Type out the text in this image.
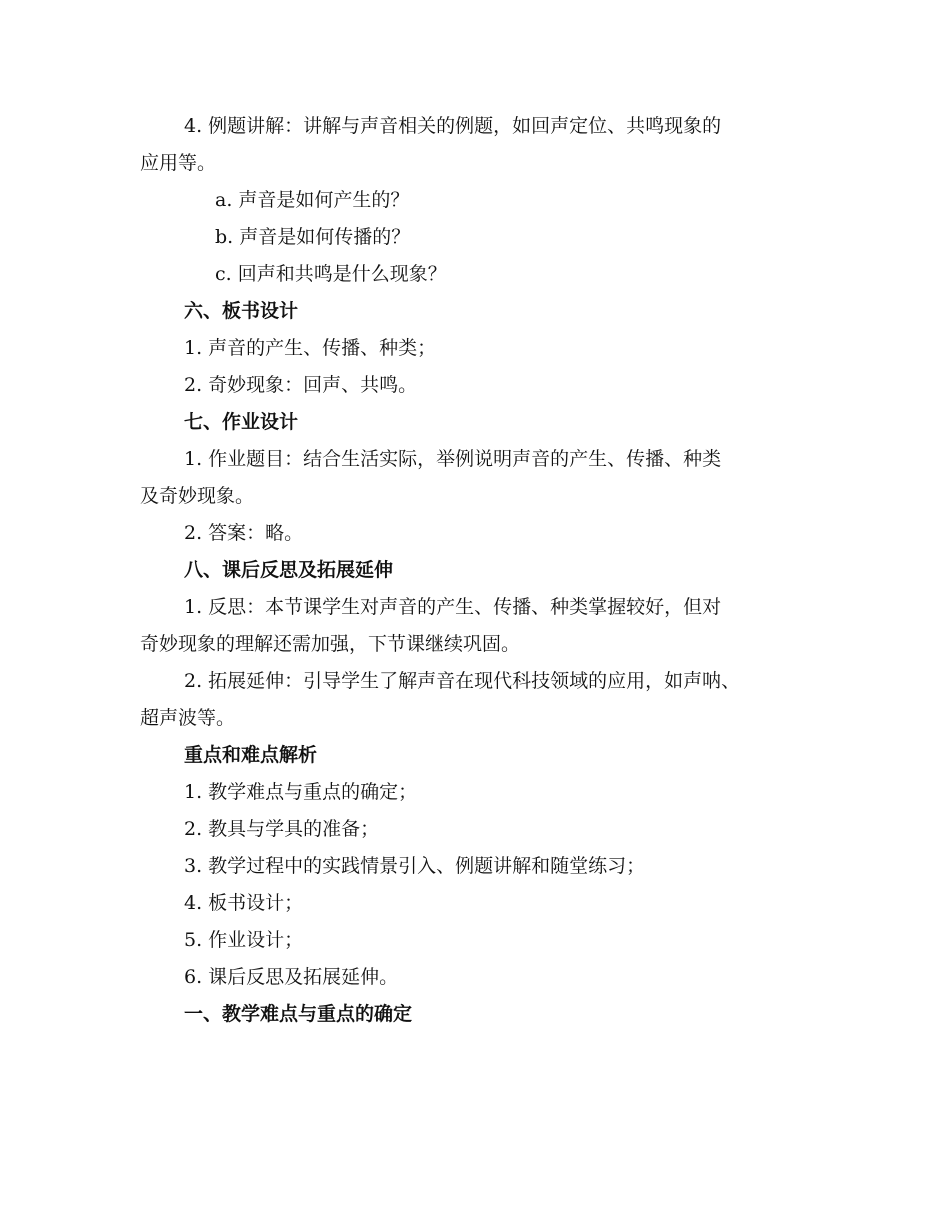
4. 例题讲解：讲解与声音相关的例题，如回声定位、共鸣现象的
应用等。
a. 声音是如何产生的？
b. 声音是如何传播的？
c. 回声和共鸣是什么现象？
六、板书设计
1. 声音的产生、传播、种类；
2. 奇妙现象：回声、共鸣。
七、作业设计
1. 作业题目：结合生活实际，举例说明声音的产生、传播、种类
及奇妙现象。
2. 答案：略。
八、课后反思及拓展延伸
1. 反思：本节课学生对声音的产生、传播、种类掌握较好，但对
奇妙现象的理解还需加强，下节课继续巩固。
2. 拓展延伸：引导学生了解声音在现代科技领域的应用，如声呐、
超声波等。
重点和难点解析
1. 教学难点与重点的确定；
2. 教具与学具的准备；
3. 教学过程中的实践情景引入、例题讲解和随堂练习；
4. 板书设计；
5. 作业设计；
6. 课后反思及拓展延伸。
一、教学难点与重点的确定
